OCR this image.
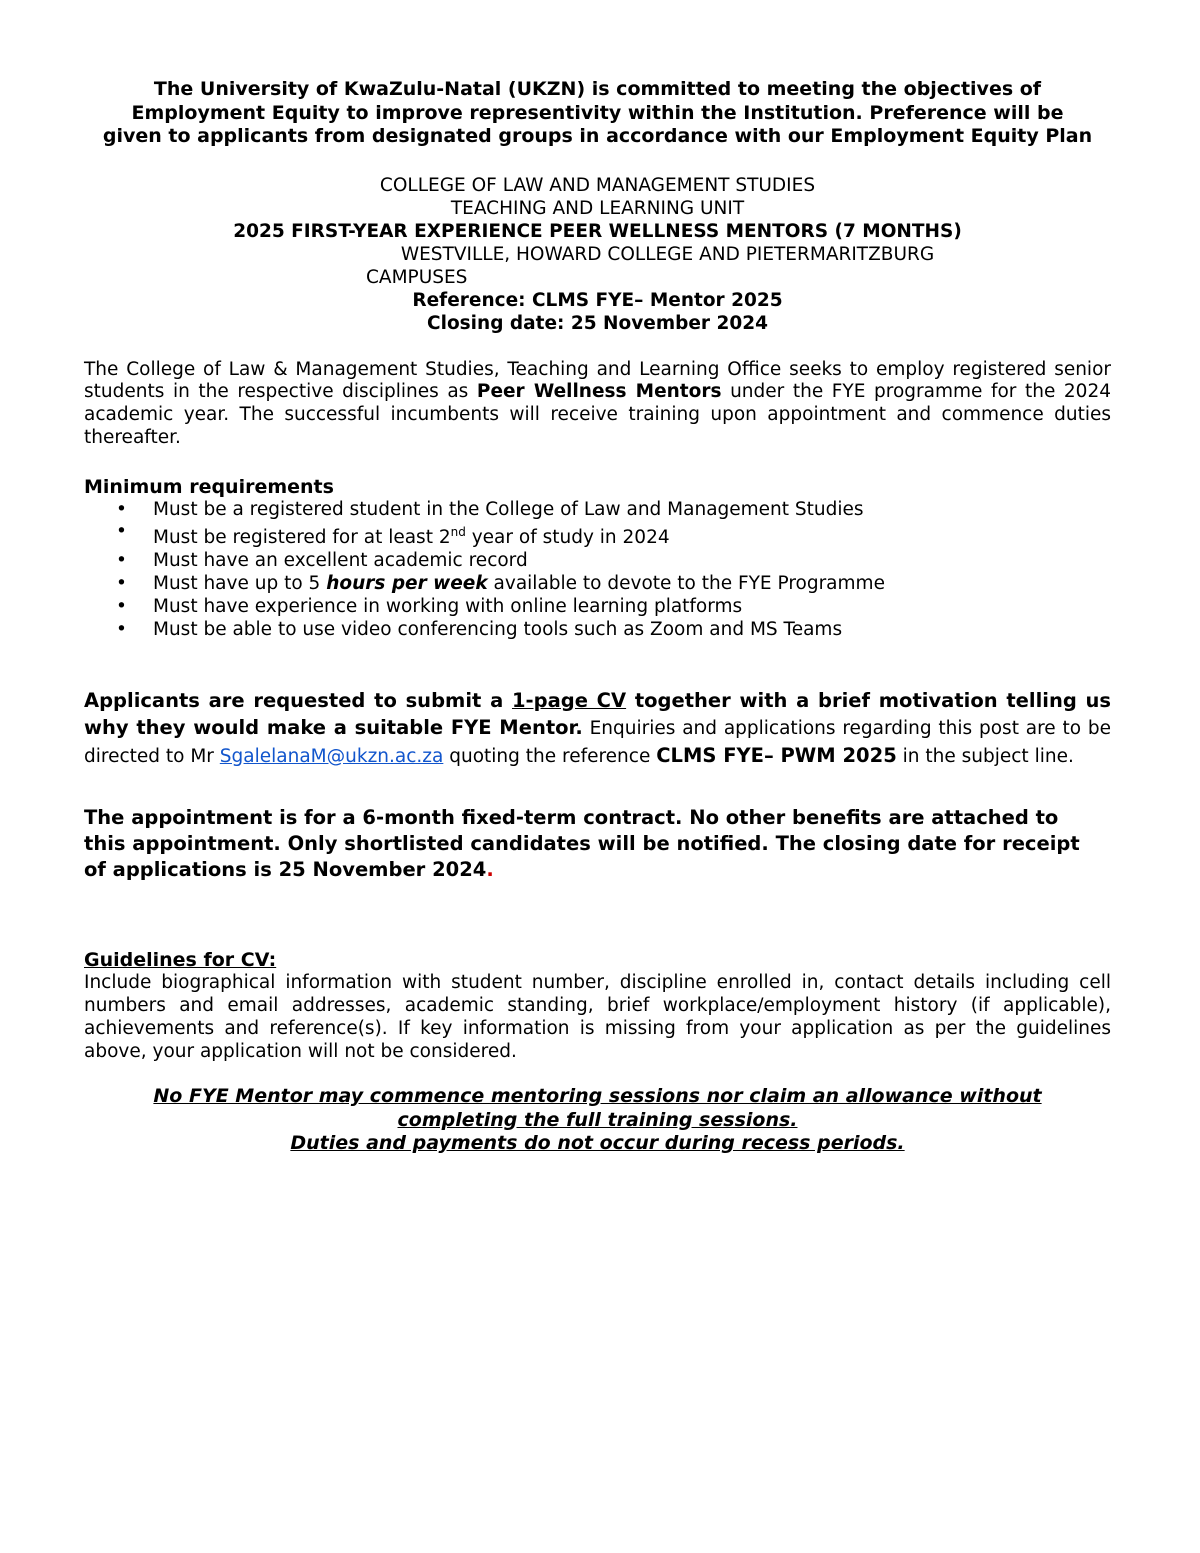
The University of KwaZulu-Natal (UKZN) is committed to meeting the objectives of
Employment Equity to improve representivity within the Institution. Preference will be
given to applicants from designated groups in accordance with our Employment Equity Plan
COLLEGE OF LAW AND MANAGEMENT STUDIES
TEACHING AND LEARNING UNIT
2025 FIRST-YEAR EXPERIENCE PEER WELLNESS MENTORS (7 MONTHS)
WESTVILLE, HOWARD COLLEGE AND PIETERMARITZBURG
CAMPUSES
Reference: CLMS FYE– Mentor 2025
Closing date: 25 November 2024

The College of Law & Management Studies, Teaching and Learning Office seeks to employ registered senior students in the respective disciplines as Peer Wellness Mentors under the FYE programme for the 2024 academic year. The successful incumbents will receive training upon appointment and commence duties thereafter.

Minimum requirements
• Must be a registered student in the College of Law and Management Studies
• Must be registered for at least 2nd year of study in 2024
• Must have an excellent academic record
• Must have up to 5 hours per week available to devote to the FYE Programme
• Must have experience in working with online learning platforms
• Must be able to use video conferencing tools such as Zoom and MS Teams

Applicants are requested to submit a 1-page CV together with a brief motivation telling us why they would make a suitable FYE Mentor. Enquiries and applications regarding this post are to be directed to Mr SgalelanaM@ukzn.ac.za quoting the reference CLMS FYE– PWM 2025 in the subject line.

The appointment is for a 6-month fixed-term contract. No other benefits are attached to this appointment. Only shortlisted candidates will be notified. The closing date for receipt of applications is 25 November 2024.
Guidelines for CV:

Include biographical information with student number, discipline enrolled in, contact details including cell numbers and email addresses, academic standing, brief workplace/employment history (if applicable), achievements and reference(s). If key information is missing from your application as per the guidelines above, your application will not be considered.

No FYE Mentor may commence mentoring sessions nor claim an allowance without
completing the full training sessions.
Duties and payments do not occur during recess periods.
